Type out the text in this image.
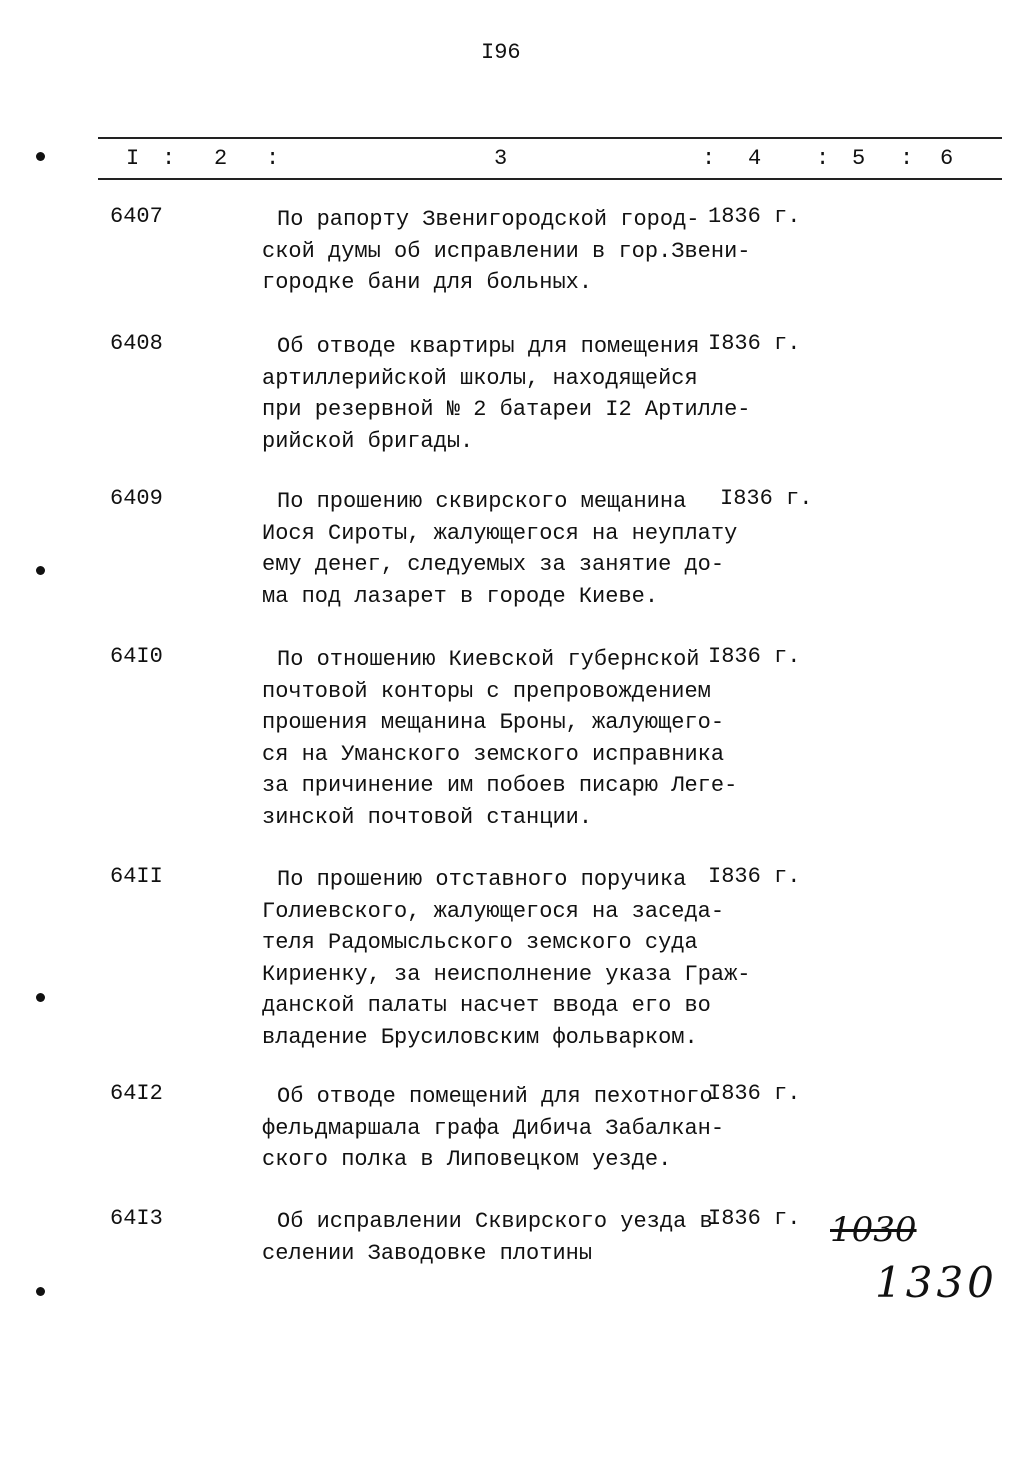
I96
I : 2 :	3	: 4 : 5 : 6
6407	По рапорту Звенигородской город-
ской думы об исправлении в гор.Звени-
городке бани для больных.
1836 г.
6408	Об отводе квартиры для помещения
артиллерийской школы, находящейся
при резервной № 2 батареи I2 Артилле-
рийской бригады.
I836 г.
6409	По прошению сквирского мещанина
Иося Сироты, жалующегося на неуплату
ему денег, следуемых за занятие до-
ма под лазарет в городе Киеве.
I836 г.
64I0	По отношению Киевской губернской
почтовой конторы с препровождением
прошения мещанина Броны, жалующего-
ся на Уманского земского исправника
за причинение им побоев писарю Леге-
зинской почтовой станции.
I836 г.
64II	По прошению отставного поручика
Голиевского, жалующегося на заседа-
теля Радомысльского земского суда
Кириенку, за неисполнение указа Граж-
данской палаты насчет ввода его во
владение Брусиловским фольварком.
I836 г.
64I2	Об отводе помещений для пехотного
фельдмаршала графа Дибича Забалкан-
ского полка в Липовецком уезде.
I836 г.
64I3	Об исправлении Сквирского уезда в
селении Заводовке плотины
I836 г. 1030
1330
